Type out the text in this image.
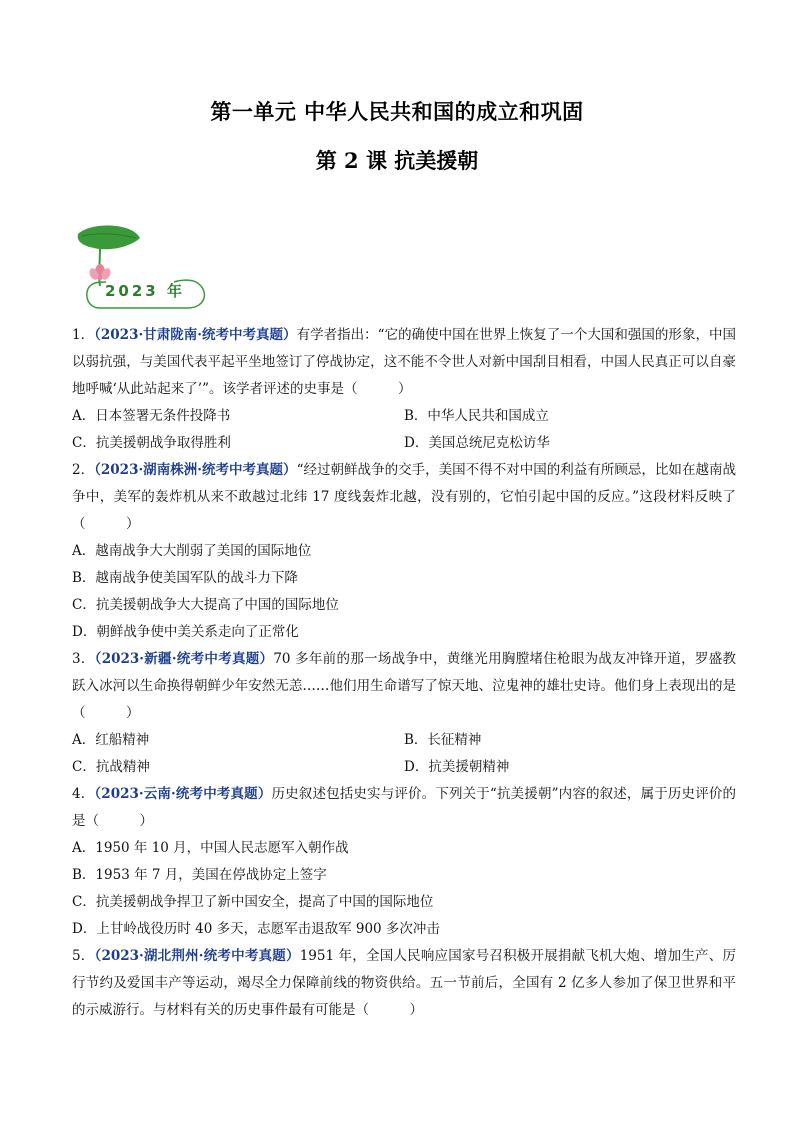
第一单元 中华人民共和国的成立和巩固
第 2 课 抗美援朝
2023 年

1．（2023·甘肃陇南·统考中考真题）有学者指出：“它的确使中国在世界上恢复了一个大国和强国的形象，中国以弱抗强，与美国代表平起平坐地签订了停战协定，这不能不令世人对新中国刮目相看，中国人民真正可以自豪地呼喊‘从此站起来了’”。该学者评述的史事是（　　　）

A．日本签署无条件投降书	B．中华人民共和国成立

C．抗美援朝战争取得胜利	D．美国总统尼克松访华

2．（2023·湖南株洲·统考中考真题）“经过朝鲜战争的交手，美国不得不对中国的利益有所顾忌，比如在越南战争中，美军的轰炸机从来不敢越过北纬 17 度线轰炸北越，没有别的，它怕引起中国的反应。”这段材料反映了（　　　）

A．越南战争大大削弱了美国的国际地位

B．越南战争使美国军队的战斗力下降

C．抗美援朝战争大大提高了中国的国际地位

D．朝鲜战争使中美关系走向了正常化

3．（2023·新疆·统考中考真题）70 多年前的那一场战争中，黄继光用胸膛堵住枪眼为战友冲锋开道，罗盛教跃入冰河以生命换得朝鲜少年安然无恙……他们用生命谱写了惊天地、泣鬼神的雄壮史诗。他们身上表现出的是（　　　）

A．红船精神	B．长征精神

C．抗战精神	D．抗美援朝精神

4．（2023·云南·统考中考真题）历史叙述包括史实与评价。下列关于“抗美援朝”内容的叙述，属于历史评价的是（　　　）

A．1950 年 10 月，中国人民志愿军入朝作战

B．1953 年 7 月，美国在停战协定上签字

C．抗美援朝战争捍卫了新中国安全，提高了中国的国际地位

D．上甘岭战役历时 40 多天，志愿军击退敌军 900 多次冲击

5．（2023·湖北荆州·统考中考真题）1951 年，全国人民响应国家号召积极开展捐献飞机大炮、增加生产、厉行节约及爱国丰产等运动，竭尽全力保障前线的物资供给。五一节前后，全国有 2 亿多人参加了保卫世界和平的示威游行。与材料有关的历史事件最有可能是（　　　）
